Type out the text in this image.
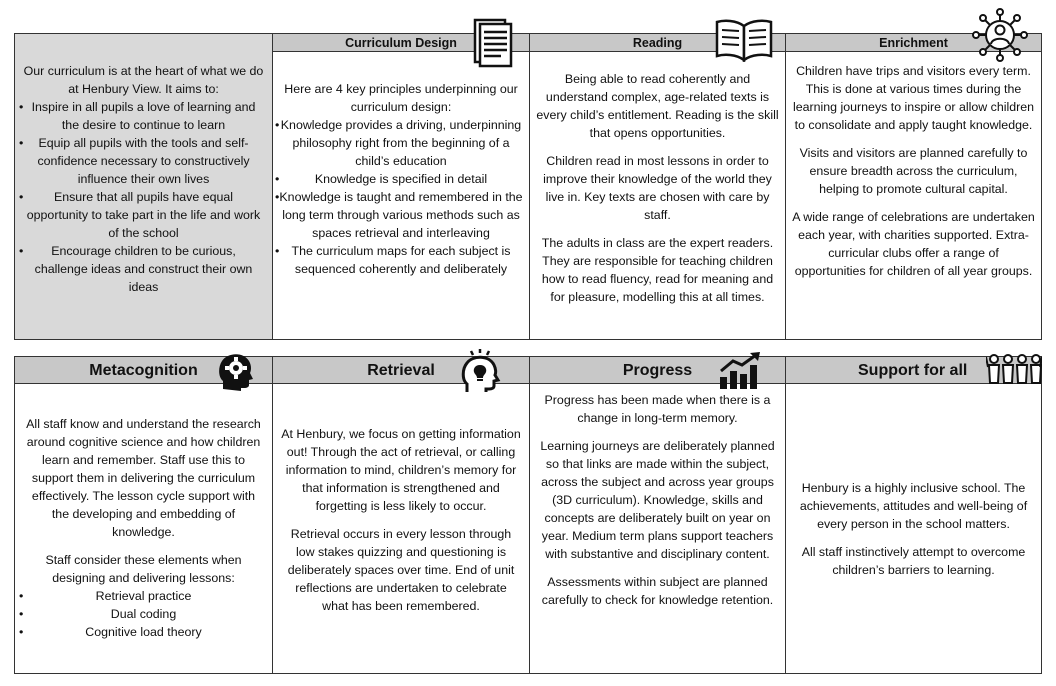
Our curriculum is at the heart of what we do at Henbury View. It aims to:

• Inspire in all pupils a love of learning and the desire to continue to learn
• Equip all pupils with the tools and self-confidence necessary to constructively influence their own lives
• Ensure that all pupils have equal opportunity to take part in the life and work of the school
• Encourage children to be curious, challenge ideas and construct their own ideas
Curriculum Design

Here are 4 key principles underpinning our curriculum design:

• Knowledge provides a driving, underpinning philosophy right from the beginning of a child’s education
• Knowledge is specified in detail
• Knowledge is taught and remembered in the long term through various methods such as spaces retrieval and interleaving
• The curriculum maps for each subject is sequenced coherently and deliberately
Reading

Being able to read coherently and understand complex, age-related texts is every child’s entitlement. Reading is the skill that opens opportunities.

Children read in most lessons in order to improve their knowledge of the world they live in. Key texts are chosen with care by staff.

The adults in class are the expert readers. They are responsible for teaching children how to read fluency, read for meaning and for pleasure, modelling this at all times.

Enrichment

Children have trips and visitors every term. This is done at various times during the learning journeys to inspire or allow children to consolidate and apply taught knowledge.

Visits and visitors are planned carefully to ensure breadth across the curriculum, helping to promote cultural capital.

A wide range of celebrations are undertaken each year, with charities supported. Extra-curricular clubs offer a range of opportunities for children of all year groups.

Metacognition

All staff know and understand the research around cognitive science and how children learn and remember. Staff use this to support them in delivering the curriculum effectively. The lesson cycle support with the developing and embedding of knowledge.

Staff consider these elements when designing and delivering lessons:

• Retrieval practice
• Dual coding
• Cognitive load theory
Retrieval

At Henbury, we focus on getting information out! Through the act of retrieval, or calling information to mind, children’s memory for that information is strengthened and forgetting is less likely to occur.

Retrieval occurs in every lesson through low stakes quizzing and questioning is deliberately spaces over time. End of unit reflections are undertaken to celebrate what has been remembered.

Progress

Progress has been made when there is a change in long-term memory.

Learning journeys are deliberately planned so that links are made within the subject, across the subject and across year groups (3D curriculum). Knowledge, skills and concepts are deliberately built on year on year. Medium term plans support teachers with substantive and disciplinary content.

Assessments within subject are planned carefully to check for knowledge retention.

Support for all

Henbury is a highly inclusive school. The achievements, attitudes and well-being of every person in the school matters.

All staff instinctively attempt to overcome children’s barriers to learning.
